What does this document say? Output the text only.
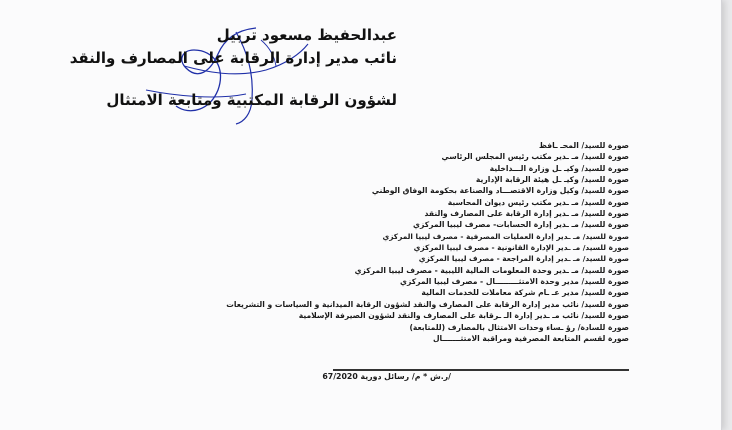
عبدالحفيظ مسعود تربيل
نائب مدير إدارة الرقابة على المصارف والنقد
لشؤون الرقابة المكتبية ومتابعة الامتثال
صورة للسيد/ المحـ ـافظ
صورة للسيد/ مـ ـدير مكتب رئيس المجلس الرئاسي
صورة للسيد/ وكيـ ـل وزارة الـــداخلية
صورة للسيد/ وكيـ ـل هيئة الرقابة الإدارية
صورة للسيد/ وكيل وزارة الاقتصـــاد والصناعة بحكومة الوفاق الوطني
صورة للسيد/ مـ ـدير مكتب رئيس ديوان المحاسبة
صورة للسيد/ مـ ـدير إدارة الرقابة على المصارف والنقد
صورة للسيد/ مـ ـدير إدارة الحسابات- مصرف ليبيا المركزي
صورة للسيد/ مـ ـدير إدارة العمليات المصرفية - مصرف ليبيا المركزي
صورة للسيد/ مـ ـدير الإدارة القانونية - مصرف ليبيا المركزي
صورة للسيد/ مـ ـدير إدارة المراجعة - مصرف ليبيا المركزي
صورة للسيد/ مـ ـدير وحدة المعلومات المالية الليبية - مصرف ليبيا المركزي
صورة للسيد/ مدير وحدة الامتثـــــــــال - مصرف ليبيا المركزي
صورة للسيد/ مدير عـ ـام شركة معاملات للخدمات المالية
صورة للسيد/ نائب مدير إدارة الرقابة على المصارف والنقد لشؤون الرقابة الميدانية و السياسات و التشريعات
صورة للسيد/ نائب مـ ـدير إدارة الـ ـرقابة على المصارف والنقد لشؤون الصيرفة الإسلامية
صورة للسادة/ رؤ ـساء وحدات الامتثال بالمصارف (للمتابعة)
صورة لقسم المتابعة المصرفية ومراقبة الامتثـــــــال
/ر.ش * م/ رسائل دورية 67/2020
